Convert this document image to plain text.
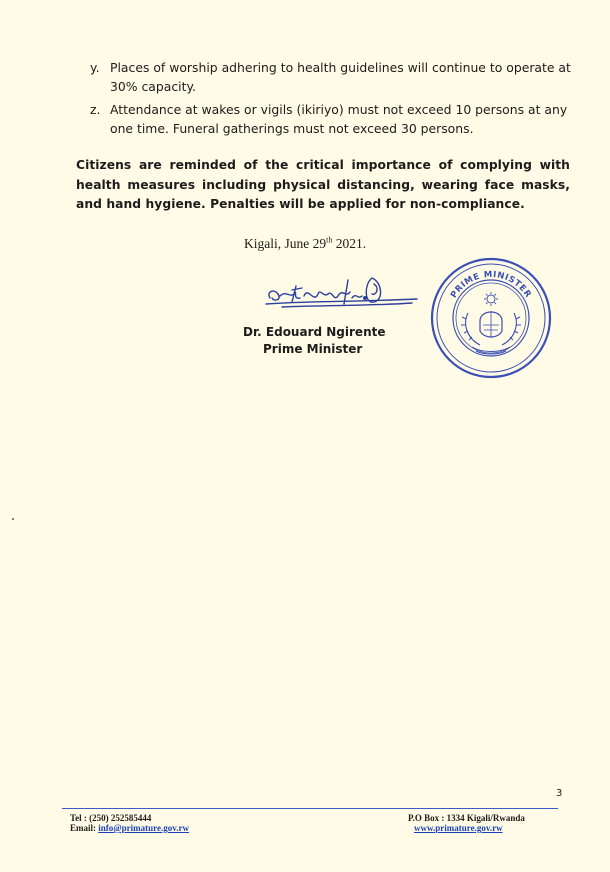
y. Places of worship adhering to health guidelines will continue to operate at 30% capacity.
z. Attendance at wakes or vigils (ikiriyo) must not exceed 10 persons at any one time. Funeral gatherings must not exceed 30 persons.
Citizens are reminded of the critical importance of complying with health measures including physical distancing, wearing face masks, and hand hygiene. Penalties will be applied for non-compliance.
Kigali, June 29th 2021.
Dr. Edouard Ngirente
Prime Minister
PRIME MINISTER
3
Tel : (250) 252585444
Email: info@primature.gov.rw
P.O Box : 1334 Kigali/Rwanda
www.primature.gov.rw
